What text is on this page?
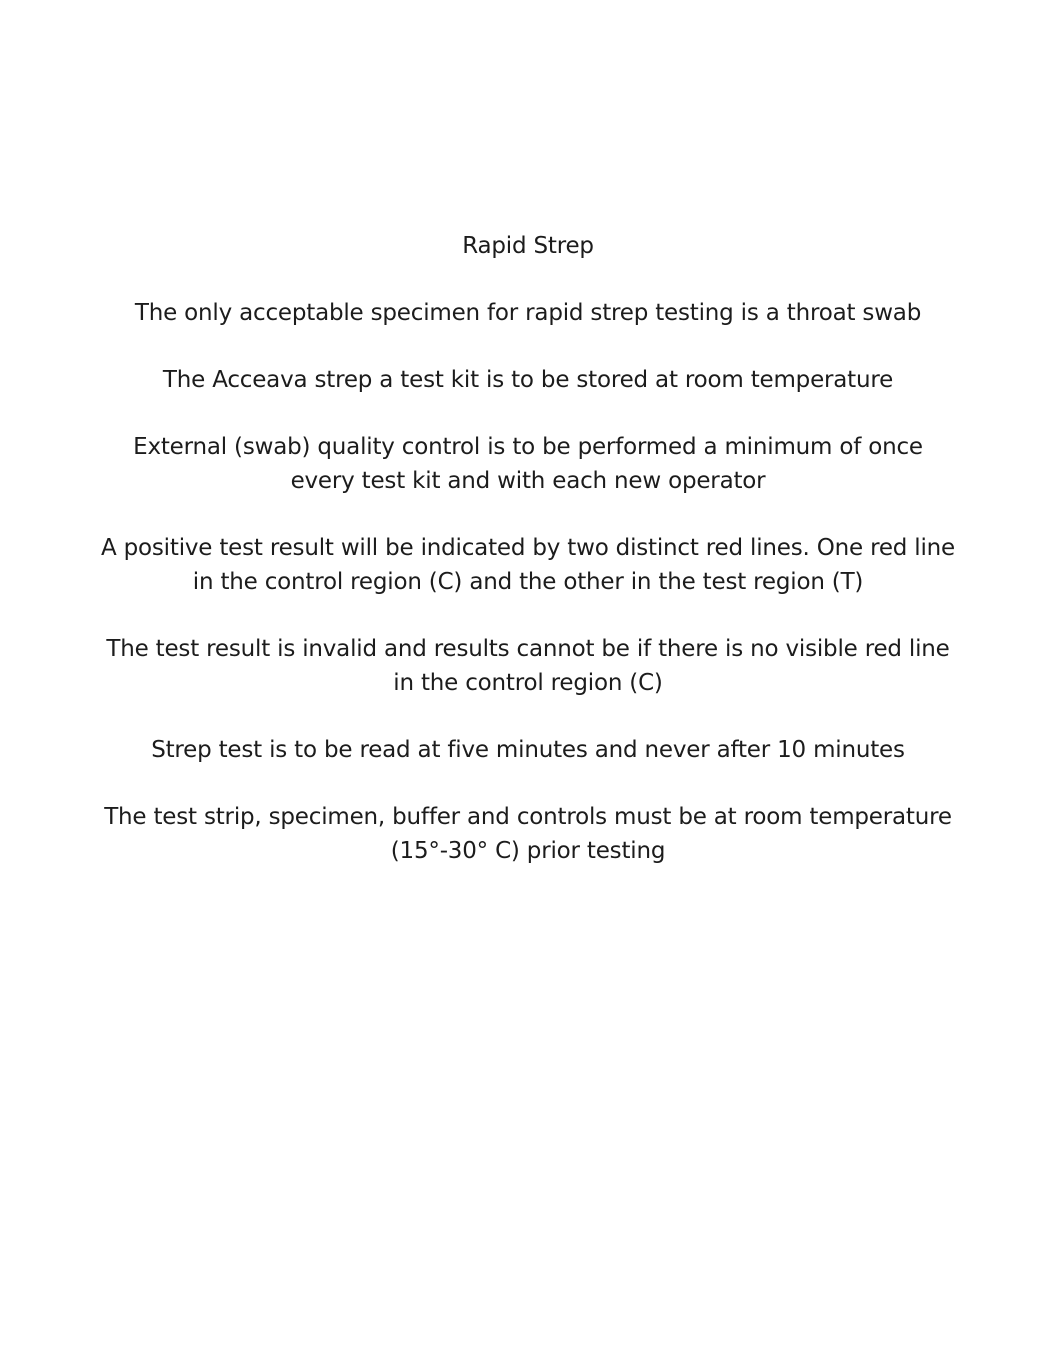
Rapid Strep

The only acceptable specimen for rapid strep testing is a throat swab

The Acceava strep a test kit is to be stored at room temperature

External (swab) quality control is to be performed a minimum of once every test kit and with each new operator

A positive test result will be indicated by two distinct red lines. One red line in the control region (C) and the other in the test region (T)

The test result is invalid and results cannot be if there is no visible red line in the control region (C)

Strep test is to be read at five minutes and never after 10 minutes

The test strip, specimen, buffer and controls must be at room temperature (15°-30° C) prior testing
